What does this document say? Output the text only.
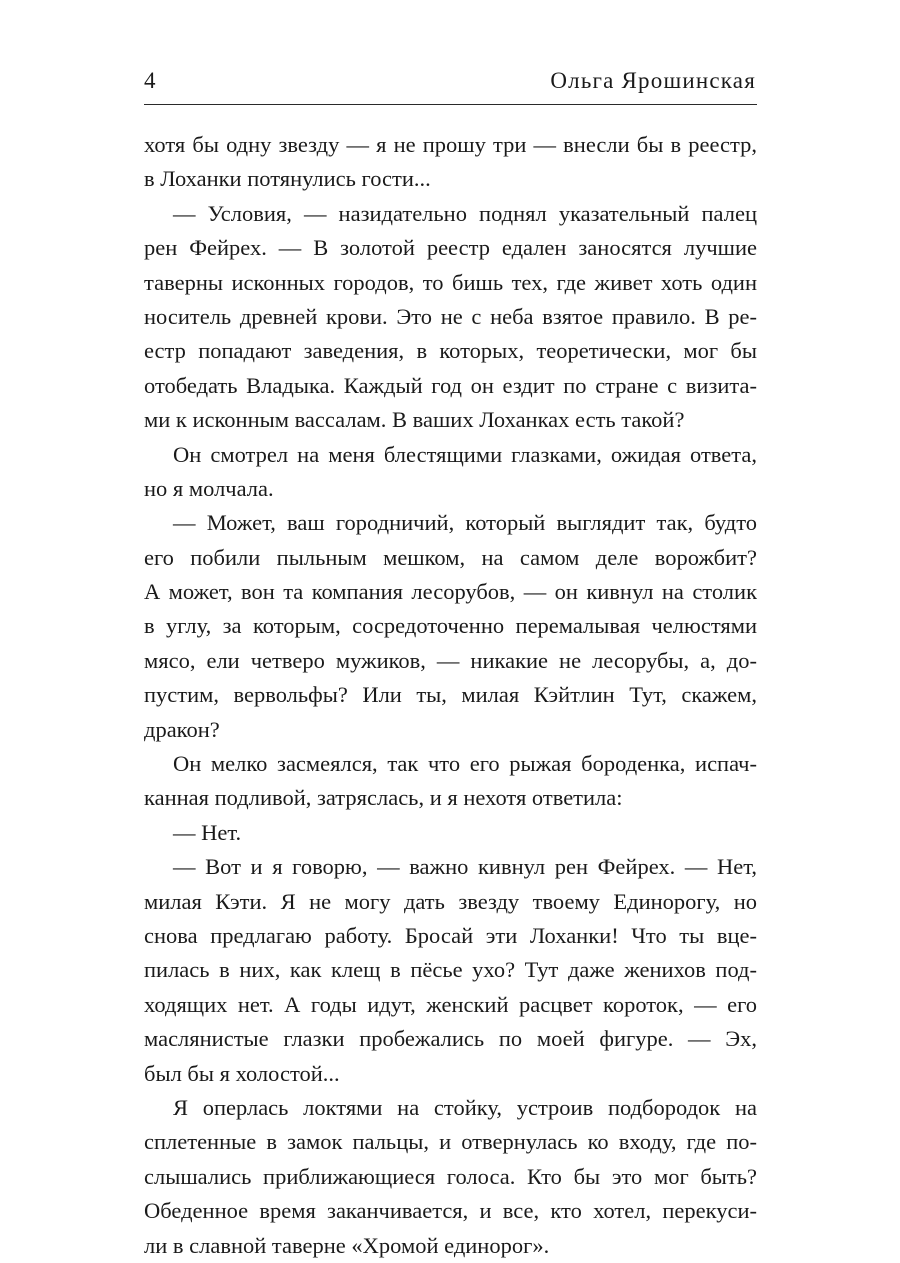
4	Ольга Ярошинская
хотя бы одну звезду — я не прошу три — внесли бы в реестр,
в Лоханки потянулись гости...
— Условия, — назидательно поднял указательный палец
рен Фейрех. — В золотой реестр едален заносятся лучшие
таверны исконных городов, то бишь тех, где живет хоть один
носитель древней крови. Это не с неба взятое правило. В ре-
естр попадают заведения, в которых, теоретически, мог бы
отобедать Владыка. Каждый год он ездит по стране с визита-
ми к исконным вассалам. В ваших Лоханках есть такой?
Он смотрел на меня блестящими глазками, ожидая ответа,
но я молчала.
— Может, ваш городничий, который выглядит так, будто
его побили пыльным мешком, на самом деле ворожбит?
А может, вон та компания лесорубов, — он кивнул на столик
в углу, за которым, сосредоточенно перемалывая челюстями
мясо, ели четверо мужиков, — никакие не лесорубы, а, до-
пустим, вервольфы? Или ты, милая Кэйтлин Тут, скажем,
дракон?
Он мелко засмеялся, так что его рыжая бороденка, испач-
канная подливой, затряслась, и я нехотя ответила:
— Нет.
— Вот и я говорю, — важно кивнул рен Фейрех. — Нет,
милая Кэти. Я не могу дать звезду твоему Единорогу, но
снова предлагаю работу. Бросай эти Лоханки! Что ты вце-
пилась в них, как клещ в пёсье ухо? Тут даже женихов под-
ходящих нет. А годы идут, женский расцвет короток, — его
маслянистые глазки пробежались по моей фигуре. — Эх,
был бы я холостой...
Я оперлась локтями на стойку, устроив подбородок на
сплетенные в замок пальцы, и отвернулась ко входу, где по-
слышались приближающиеся голоса. Кто бы это мог быть?
Обеденное время заканчивается, и все, кто хотел, перекуси-
ли в славной таверне «Хромой единорог».
